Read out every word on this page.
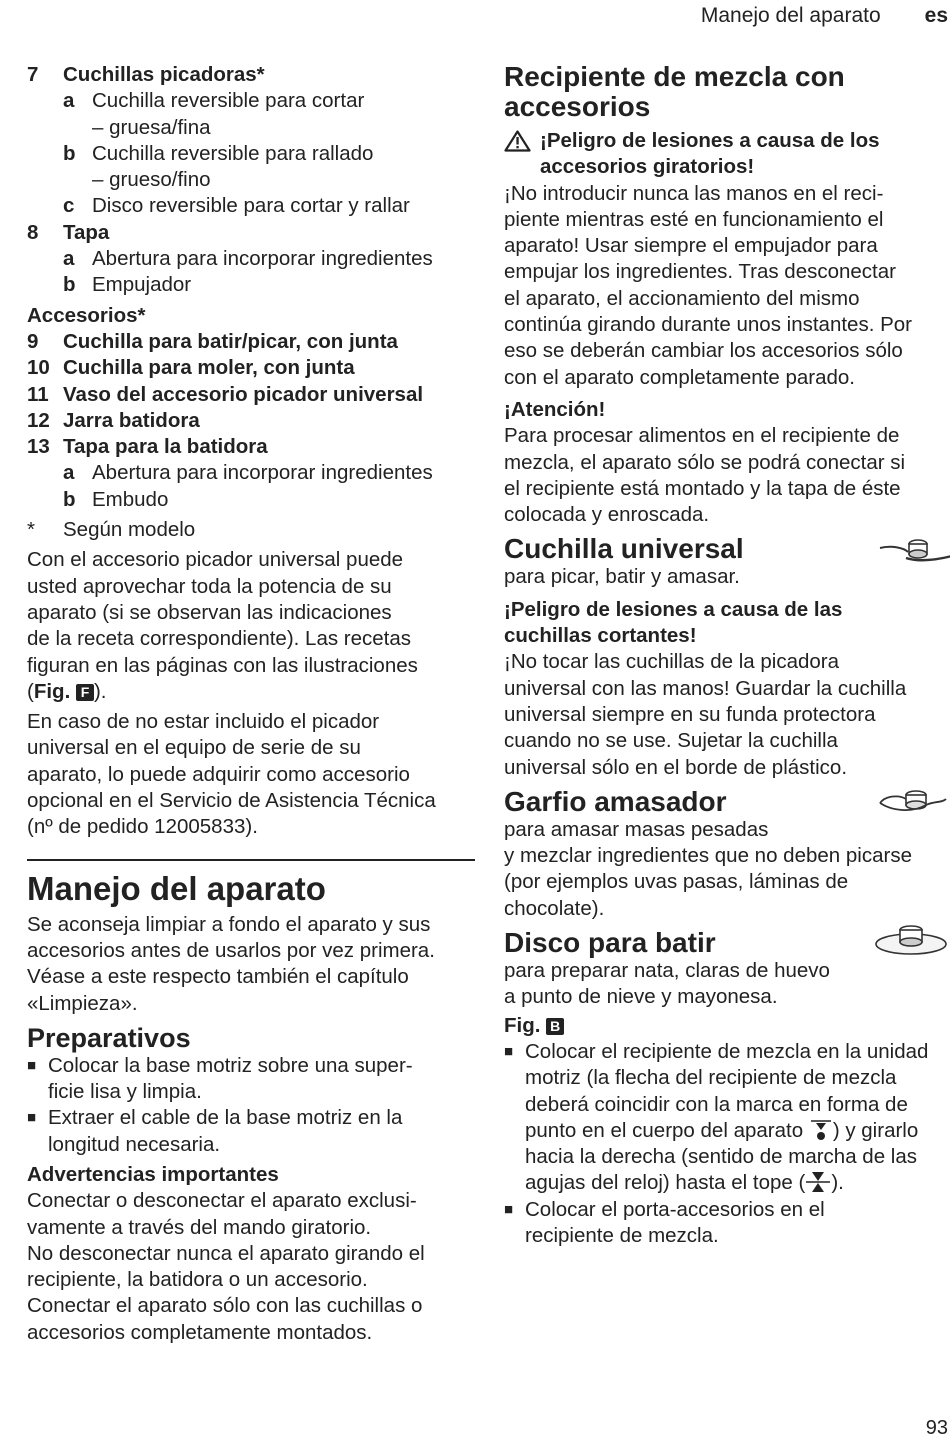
Manejo del aparato es
7	Cuchillas picadoras*
a Cuchilla reversible para cortar
– gruesa/fina
b Cuchilla reversible para rallado
– grueso/fino
c Disco reversible para cortar y rallar
8	Tapa
a Abertura para incorporar ingredientes
b Empujador
Accesorios*
9	Cuchilla para batir/picar, con junta
10 Cuchilla para moler, con junta
11 Vaso del accesorio picador universal
12 Jarra batidora
13 Tapa para la batidora
a Abertura para incorporar ingredientes
b Embudo
*	Según modelo
Con el accesorio picador universal puede
usted aprovechar toda la potencia de su
aparato (si se observan las indicaciones
de la receta correspondiente). Las recetas
figuran en las páginas con las ilustraciones
(Fig. F ).
En caso de no estar incluido el picador
universal en el equipo de serie de su
aparato, lo puede adquirir como accesorio
opcional en el Servicio de Asistencia Técnica
(nº de pedido 12005833).
Manejo del aparato
Se aconseja limpiar a fondo el aparato y sus
accesorios antes de usarlos por vez primera.
Véase a este respecto también el capítulo
«Limpieza».
Preparativos
■ Colocar la base motriz sobre una super-
ficie lisa y limpia.
■ Extraer el cable de la base motriz en la
longitud necesaria.
Advertencias importantes
Conectar o desconectar el aparato exclusi-
vamente a través del mando giratorio.
No desconectar nunca el aparato girando el
recipiente, la batidora o un accesorio.
Conectar el aparato sólo con las cuchillas o
accesorios completamente montados.
Recipiente de mezcla con
accesorios
¡Peligro de lesiones a causa de los
accesorios giratorios!
¡No introducir nunca las manos en el reci-
piente mientras esté en funcionamiento el
aparato! Usar siempre el empujador para
empujar los ingredientes. Tras desconectar
el aparato, el accionamiento del mismo
continúa girando durante unos instantes. Por
eso se deberán cambiar los accesorios sólo
con el aparato completamente parado.
¡Atención!
Para procesar alimentos en el recipiente de
mezcla, el aparato sólo se podrá conectar si
el recipiente está montado y la tapa de éste
colocada y enroscada.
Cuchilla universal
para picar, batir y amasar.
¡Peligro de lesiones a causa de las
cuchillas cortantes!
¡No tocar las cuchillas de la picadora
universal con las manos! Guardar la cuchilla
universal siempre en su funda protectora
cuando no se use. Sujetar la cuchilla
universal sólo en el borde de plástico.
Garfio amasador
para amasar masas pesadas
y mezclar ingredientes que no deben picarse
(por ejemplos uvas pasas, láminas de
chocolate).
Disco para batir
para preparar nata, claras de huevo
a punto de nieve y mayonesa.
Fig. B
■ Colocar el recipiente de mezcla en la unidad
motriz (la flecha del recipiente de mezcla
deberá coincidir con la marca en forma de
punto en el cuerpo del aparato ) y girarlo
hacia la derecha (sentido de marcha de las
agujas del reloj) hasta el tope ( ).
■ Colocar el porta-accesorios en el
recipiente de mezcla.
93
